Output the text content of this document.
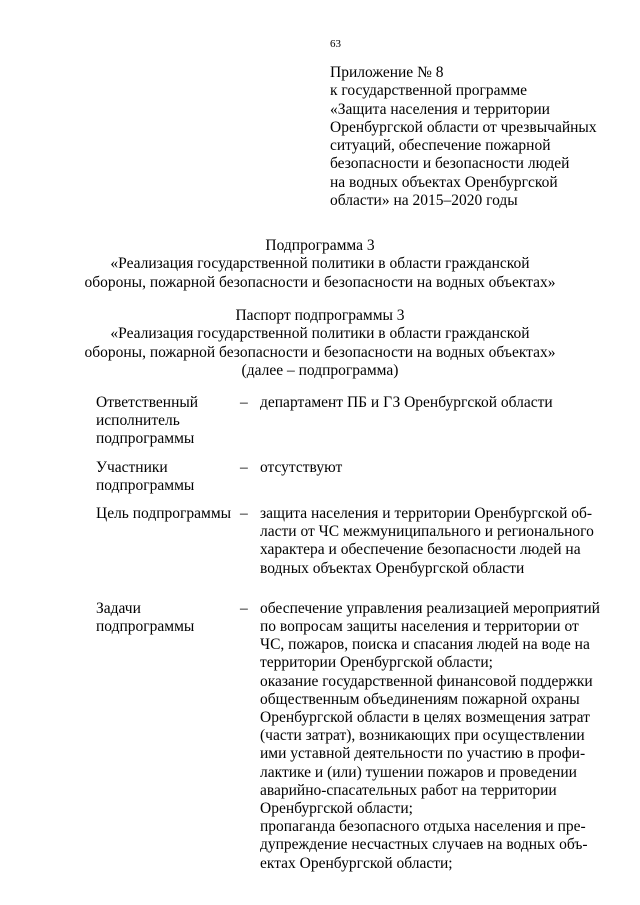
63
Приложение № 8
к государственной программе
«Защита населения и территории
Оренбургской области от чрезвычайных
ситуаций, обеспечение пожарной
безопасности и безопасности людей
на водных объектах Оренбургской
области» на 2015–2020 годы
Подпрограмма 3
«Реализация государственной политики в области гражданской
обороны, пожарной безопасности и безопасности на водных объектах»
Паспорт подпрограммы 3
«Реализация государственной политики в области гражданской
обороны, пожарной безопасности и безопасности на водных объектах»
(далее – подпрограмма)
Ответственный
исполнитель
подпрограммы
– департамент ПБ и ГЗ Оренбургской области
Участники
подпрограммы
– отсутствуют
Цель подпрограммы – защита населения и территории Оренбургской об-
ласти от ЧС межмуниципального и регионального
характера и обеспечение безопасности людей на
водных объектах Оренбургской области
Задачи
подпрограммы
– обеспечение управления реализацией мероприятий
по вопросам защиты населения и территории от
ЧС, пожаров, поиска и спасания людей на воде на
территории Оренбургской области;
оказание государственной финансовой поддержки
общественным объединениям пожарной охраны
Оренбургской области в целях возмещения затрат
(части затрат), возникающих при осуществлении
ими уставной деятельности по участию в профи-
лактике и (или) тушении пожаров и проведении
аварийно-спасательных работ на территории
Оренбургской области;
пропаганда безопасного отдыха населения и пре-
дупреждение несчастных случаев на водных объ-
ектах Оренбургской области;
